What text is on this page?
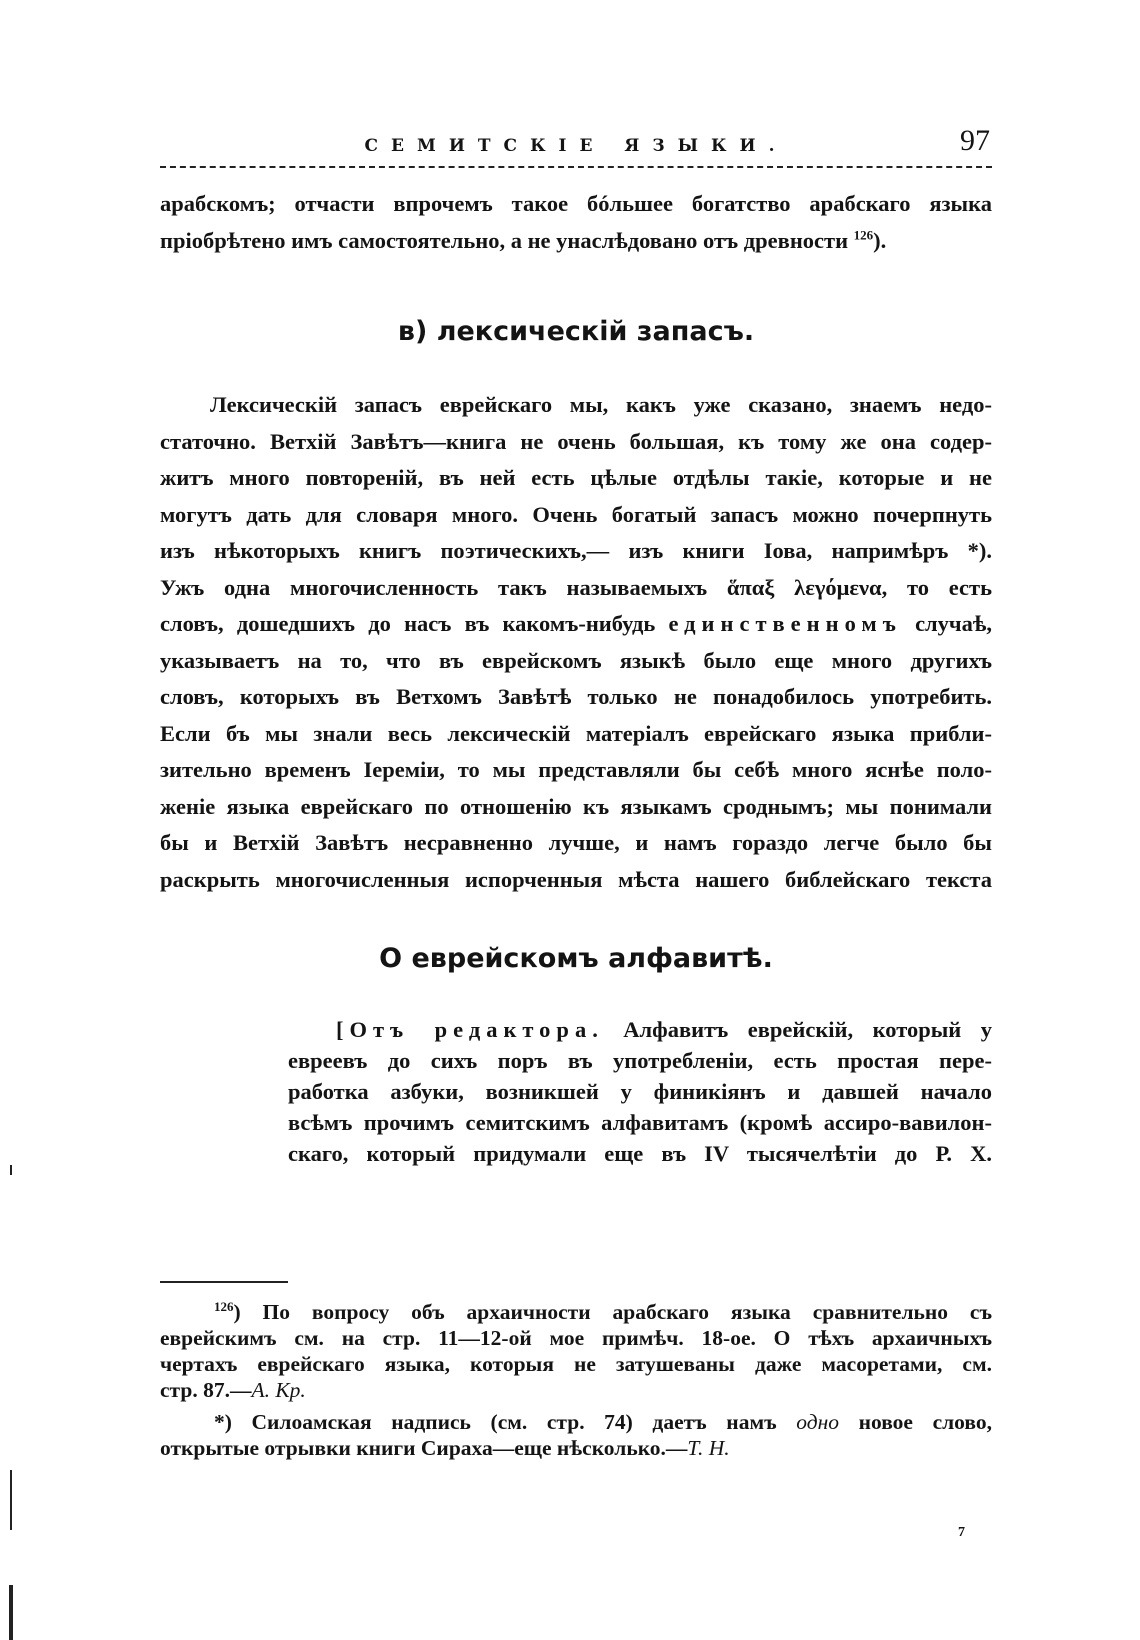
СЕМИТСКІЕ ЯЗЫКИ.	97
арабскомъ; отчасти впрочемъ такое бóльшее богатство арабскаго языка
пріобрѣтено имъ самостоятельно, а не унаслѣдовано отъ древности $^{126}$).
в) лексическій запасъ.
Лексическій запасъ еврейскаго мы, какъ уже сказано, знаемъ недо-
статочно. Ветхій Завѣтъ—книга не очень большая, къ тому же она содер-
житъ много повтореній, въ ней есть цѣлые отдѣлы такіе, которые и не
могутъ дать для словаря много. Очень богатый запасъ можно почерпнуть
изъ нѣкоторыхъ книгъ поэтическихъ,— изъ книги Іова, напримѣръ *).
Ужъ одна многочисленность такъ называемыхъ ἅπαξ λεγόμενα, то есть
словъ, дошедшихъ до насъ въ какомъ-нибудь единственномъ случаѣ,
указываетъ на то, что въ еврейскомъ языкѣ было еще много другихъ
словъ, которыхъ въ Ветхомъ Завѣтѣ только не понадобилось употребить.
Если бъ мы знали весь лексическій матеріалъ еврейскаго языка прибли-
зительно временъ Іереміи, то мы представляли бы себѣ много яснѣе поло-
женіе языка еврейскаго по отношенію къ языкамъ сроднымъ; мы понимали
бы и Ветхій Завѣтъ несравненно лучше, и намъ гораздо легче было бы
раскрыть многочисленныя испорченныя мѣста нашего библейскаго текста
О еврейскомъ алфавитѣ.
[Отъ редактора. Алфавитъ еврейскій, который у
евреевъ до сихъ поръ въ употребленіи, есть простая пере-
работка азбуки, возникшей у финикіянъ и давшей начало
всѣмъ прочимъ семитскимъ алфавитамъ (кромѣ ассиро-вавилон-
скаго, который придумали еще въ IV тысячелѣтіи до Р. Х.
$^{126}$) По вопросу объ архаичности арабскаго языка сравнительно съ
еврейскимъ см. на стр. 11—12-ой мое примѣч. 18-ое. О тѣхъ архаичныхъ
чертахъ еврейскаго языка, которыя не затушеваны даже масоретами, см.
стр. 87.—А. Кр.
*) Силоамская надпись (см. стр. 74) даетъ намъ одно новое слово,
открытые отрывки книги Сираха—еще нѣсколько.—Т. Н.
7
